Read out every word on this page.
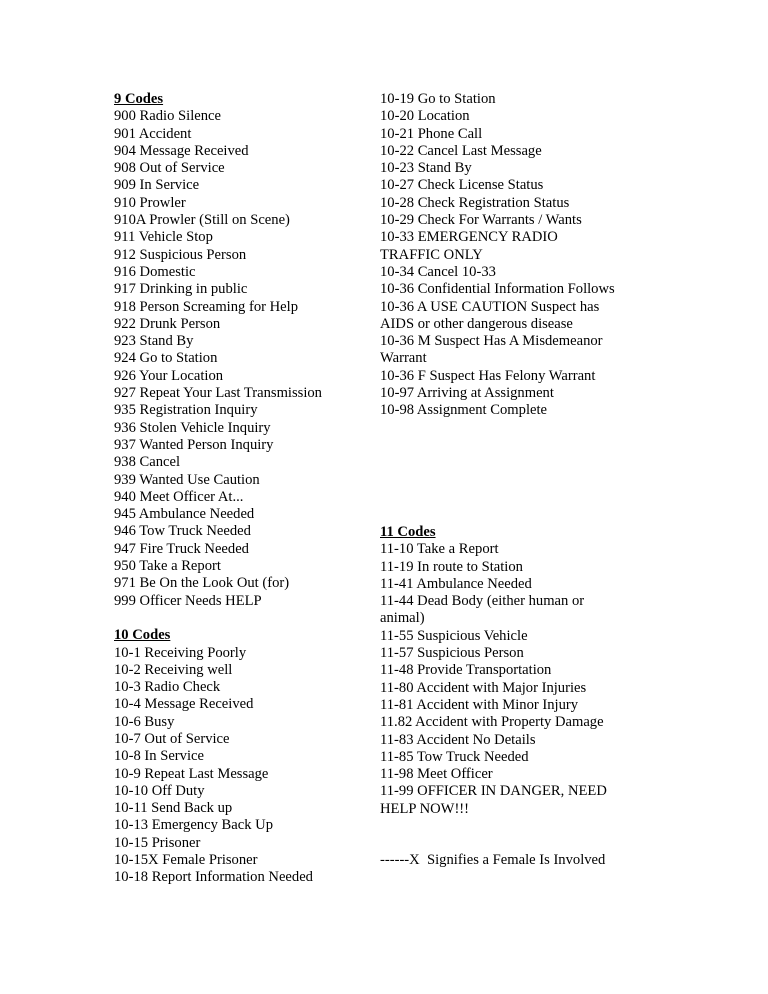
9 Codes
900 Radio Silence
901 Accident
904 Message Received
908 Out of Service
909 In Service
910 Prowler
910A Prowler (Still on Scene)
911 Vehicle Stop
912 Suspicious Person
916 Domestic
917 Drinking in public
918 Person Screaming for Help
922 Drunk Person
923 Stand By
924 Go to Station
926 Your Location
927 Repeat Your Last Transmission
935 Registration Inquiry
936 Stolen Vehicle Inquiry
937 Wanted Person Inquiry
938 Cancel
939 Wanted Use Caution
940 Meet Officer At...
945 Ambulance Needed
946 Tow Truck Needed
947 Fire Truck Needed
950 Take a Report
971 Be On the Look Out (for)
999 Officer Needs HELP
10 Codes
10-1 Receiving Poorly
10-2 Receiving well
10-3 Radio Check
10-4 Message Received
10-6 Busy
10-7 Out of Service
10-8 In Service
10-9 Repeat Last Message
10-10 Off Duty
10-11 Send Back up
10-13 Emergency Back Up
10-15 Prisoner
10-15X Female Prisoner
10-18 Report Information Needed
10-19 Go to Station
10-20 Location
10-21 Phone Call
10-22 Cancel Last Message
10-23 Stand By
10-27 Check License Status
10-28 Check Registration Status
10-29 Check For Warrants / Wants
10-33 EMERGENCY RADIO
TRAFFIC ONLY
10-34 Cancel 10-33
10-36 Confidential Information Follows
10-36 A USE CAUTION Suspect has
AIDS or other dangerous disease
10-36 M Suspect Has A Misdemeanor
Warrant
10-36 F Suspect Has Felony Warrant
10-97 Arriving at Assignment
10-98 Assignment Complete
11 Codes
11-10 Take a Report
11-19 In route to Station
11-41 Ambulance Needed
11-44 Dead Body (either human or
animal)
11-55 Suspicious Vehicle
11-57 Suspicious Person
11-48 Provide Transportation
11-80 Accident with Major Injuries
11-81 Accident with Minor Injury
11.82 Accident with Property Damage
11-83 Accident No Details
11-85 Tow Truck Needed
11-98 Meet Officer
11-99 OFFICER IN DANGER, NEED
HELP NOW!!!
------X  Signifies a Female Is Involved
